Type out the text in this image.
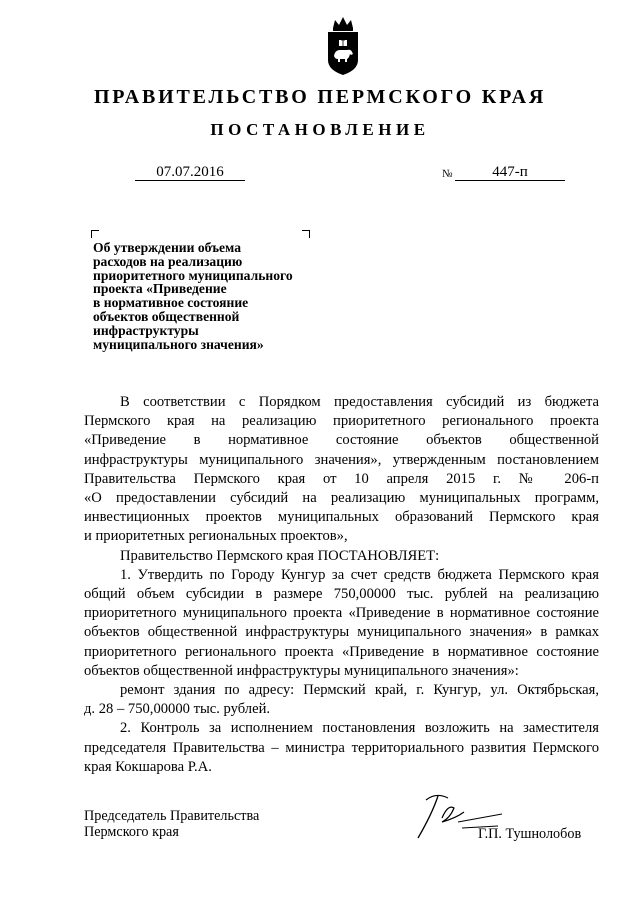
ПРАВИТЕЛЬСТВО ПЕРМСКОГО КРАЯ
ПОСТАНОВЛЕНИЕ
07.07.2016	№	447-п
Об утверждении объема
расходов на реализацию
приоритетного муниципального
проекта «Приведение
в нормативное состояние
объектов общественной
инфраструктуры
муниципального значения»
В соответствии с Порядком предоставления субсидий из бюджета
Пермского края на реализацию приоритетного регионального проекта
«Приведение в нормативное состояние объектов общественной
инфраструктуры муниципального значения», утвержденным постановлением
Правительства Пермского края от 10 апреля 2015 г. № 206-п
«О предоставлении субсидий на реализацию муниципальных программ,
инвестиционных проектов муниципальных образований Пермского края
и приоритетных региональных проектов»,
Правительство Пермского края ПОСТАНОВЛЯЕТ:
1. Утвердить по Городу Кунгур за счет средств бюджета Пермского края
общий объем субсидии в размере 750,00000 тыс. рублей на реализацию
приоритетного муниципального проекта «Приведение в нормативное состояние
объектов общественной инфраструктуры муниципального значения» в рамках
приоритетного регионального проекта «Приведение в нормативное состояние
объектов общественной инфраструктуры муниципального значения»:
ремонт здания по адресу: Пермский край, г. Кунгур, ул. Октябрьская,
д. 28 – 750,00000 тыс. рублей.
2. Контроль за исполнением постановления возложить на заместителя
председателя Правительства – министра территориального развития Пермского
края Кокшарова Р.А.
Председатель Правительства
Пермского края	Г.П. Тушнолобов
